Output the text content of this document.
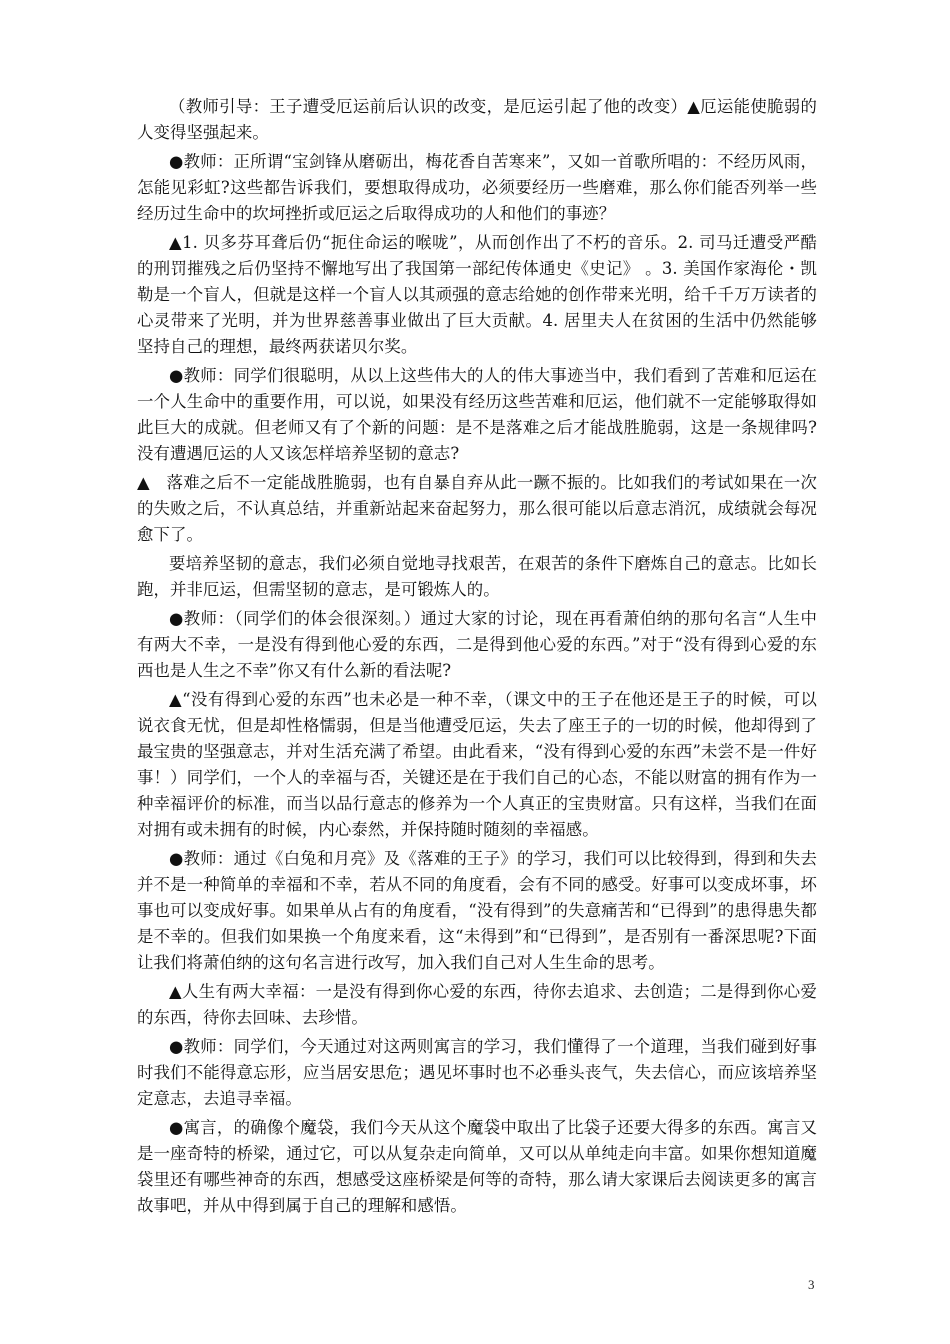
（教师引导：王子遭受厄运前后认识的改变，是厄运引起了他的改变）▲厄运能使脆弱的人变得坚强起来。

●教师：正所谓“宝剑锋从磨砺出，梅花香自苦寒来”，又如一首歌所唱的：不经历风雨，怎能见彩虹?这些都告诉我们，要想取得成功，必须要经历一些磨难，那么你们能否列举一些经历过生命中的坎坷挫折或厄运之后取得成功的人和他们的事迹？

▲1. 贝多芬耳聋后仍“扼住命运的喉咙”，从而创作出了不朽的音乐。2. 司马迁遭受严酷的刑罚摧残之后仍坚持不懈地写出了我国第一部纪传体通史《史记》 。3. 美国作家海伦・凯勒是一个盲人，但就是这样一个盲人以其顽强的意志给她的创作带来光明，给千千万万读者的心灵带来了光明，并为世界慈善事业做出了巨大贡献。4. 居里夫人在贫困的生活中仍然能够坚持自己的理想，最终两获诺贝尔奖。

●教师：同学们很聪明，从以上这些伟大的人的伟大事迹当中，我们看到了苦难和厄运在一个人生命中的重要作用，可以说，如果没有经历这些苦难和厄运，他们就不一定能够取得如此巨大的成就。但老师又有了个新的问题：是不是落难之后才能战胜脆弱，这是一条规律吗?没有遭遇厄运的人又该怎样培养坚韧的意志?

▲　落难之后不一定能战胜脆弱，也有自暴自弃从此一蹶不振的。比如我们的考试如果在一次的失败之后，不认真总结，并重新站起来奋起努力，那么很可能以后意志消沉，成绩就会每况愈下了。

要培养坚韧的意志，我们必须自觉地寻找艰苦，在艰苦的条件下磨炼自己的意志。比如长跑，并非厄运，但需坚韧的意志，是可锻炼人的。

●教师：（同学们的体会很深刻。）通过大家的讨论，现在再看萧伯纳的那句名言“人生中有两大不幸，一是没有得到他心爱的东西，二是得到他心爱的东西。”对于“没有得到心爱的东西也是人生之不幸”你又有什么新的看法呢?

▲“没有得到心爱的东西”也未必是一种不幸，（课文中的王子在他还是王子的时候，可以说衣食无忧，但是却性格懦弱，但是当他遭受厄运，失去了座王子的一切的时候，他却得到了最宝贵的坚强意志，并对生活充满了希望。由此看来，“没有得到心爱的东西”未尝不是一件好事！）同学们，一个人的幸福与否，关键还是在于我们自己的心态，不能以财富的拥有作为一种幸福评价的标准，而当以品行意志的修养为一个人真正的宝贵财富。只有这样，当我们在面对拥有或未拥有的时候，内心泰然，并保持随时随刻的幸福感。

●教师：通过《白兔和月亮》及《落难的王子》的学习，我们可以比较得到，得到和失去并不是一种简单的幸福和不幸，若从不同的角度看，会有不同的感受。好事可以变成坏事，坏事也可以变成好事。如果单从占有的角度看，“没有得到”的失意痛苦和“已得到”的患得患失都是不幸的。但我们如果换一个角度来看，这“未得到”和“已得到”，是否别有一番深思呢?下面让我们将萧伯纳的这句名言进行改写，加入我们自己对人生生命的思考。

▲人生有两大幸福：一是没有得到你心爱的东西，待你去追求、去创造；二是得到你心爱的东西，待你去回味、去珍惜。

●教师：同学们，今天通过对这两则寓言的学习，我们懂得了一个道理，当我们碰到好事时我们不能得意忘形，应当居安思危；遇见坏事时也不必垂头丧气，失去信心，而应该培养坚定意志，去追寻幸福。

●寓言，的确像个魔袋，我们今天从这个魔袋中取出了比袋子还要大得多的东西。寓言又是一座奇特的桥梁，通过它，可以从复杂走向简单，又可以从单纯走向丰富。如果你想知道魔袋里还有哪些神奇的东西，想感受这座桥梁是何等的奇特，那么请大家课后去阅读更多的寓言故事吧，并从中得到属于自己的理解和感悟。

3
